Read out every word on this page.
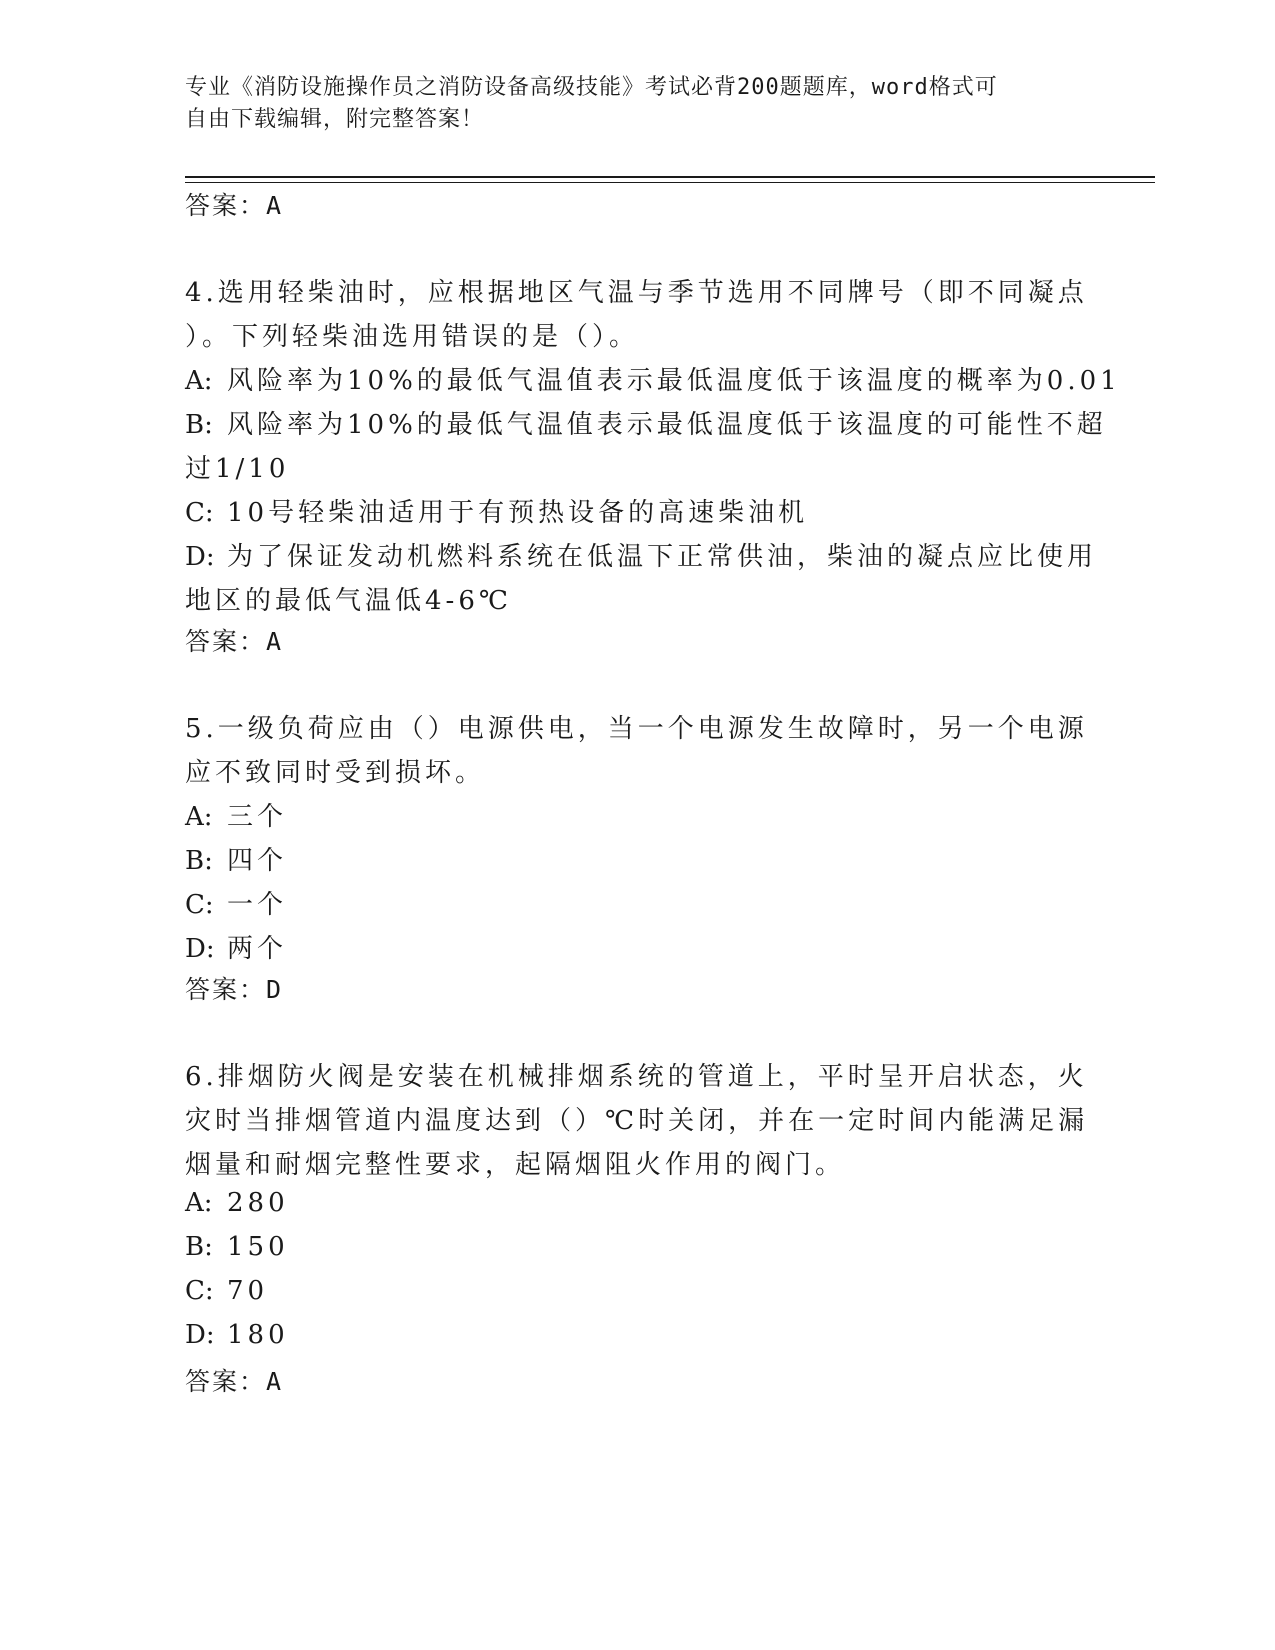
专业《消防设施操作员之消防设备高级技能》考试必背200题题库，word格式可
自由下载编辑，附完整答案！
答案：A
4.选用轻柴油时，应根据地区气温与季节选用不同牌号（即不同凝点
）。下列轻柴油选用错误的是（）。
A: 风险率为10%的最低气温值表示最低温度低于该温度的概率为0.01
B: 风险率为10%的最低气温值表示最低温度低于该温度的可能性不超
过1/10
C: 10号轻柴油适用于有预热设备的高速柴油机
D: 为了保证发动机燃料系统在低温下正常供油，柴油的凝点应比使用
地区的最低气温低4-6℃
答案：A
5.一级负荷应由（）电源供电，当一个电源发生故障时，另一个电源
应不致同时受到损坏。
A: 三个
B: 四个
C: 一个
D: 两个
答案：D
6.排烟防火阀是安装在机械排烟系统的管道上，平时呈开启状态，火
灾时当排烟管道内温度达到（）℃时关闭，并在一定时间内能满足漏
烟量和耐烟完整性要求，起隔烟阻火作用的阀门。
A: 280
B: 150
C: 70
D: 180
答案：A
